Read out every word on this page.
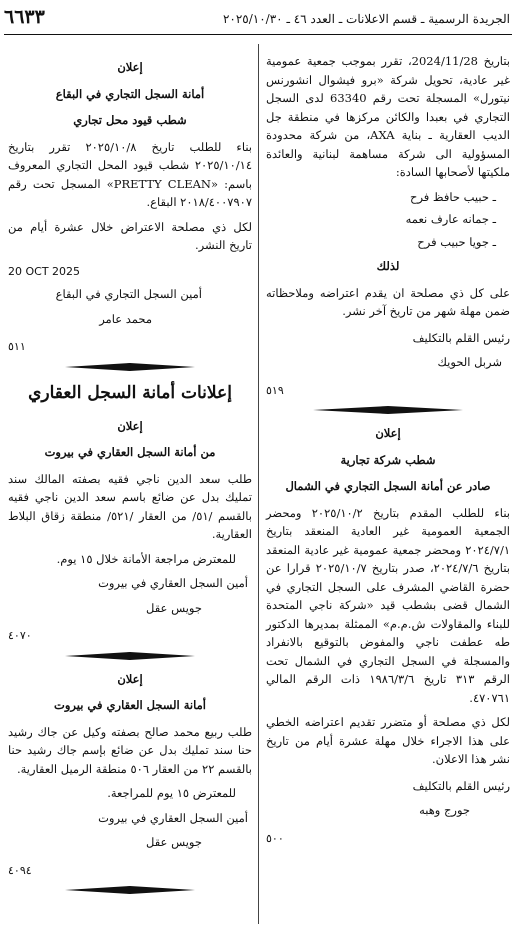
الجريدة الرسمية ـ قسم الاعلانات ـ العدد ٤٦ ـ ٢٠٢٥/١٠/٣٠
٦٦٣٣

بتاريخ 2024/11/28، تقرر بموجب جمعية عمومية غير عادية، تحويل شركة «برو فيشوال انشورنس نيتورل» المسجلة تحت رقم 63340 لدى السجل التجاري في بعبدا والكائن مركزها في منطقة جل الديب العقارية ـ بناية AXA، من شركة محدودة المسؤولية الى شركة مساهمة لبنانية والعائدة ملكيتها لأصحابها السادة:

ـ حبيب حافظ فرح
ـ جمانه عارف نعمه
ـ جويا حبيب فرح
لذلك

على كل ذي مصلحة ان يقدم اعتراضه وملاحظاته ضمن مهلة شهر من تاريخ آخر نشر.

رئيس القلم بالتكليف
شربل الحويك
٥١٩
إعلان
شطب شركة تجارية
صادر عن أمانة السجل التجاري في الشمال

بناء للطلب المقدم بتاريخ ٢٠٢٥/١٠/٢ ومحضر الجمعية العمومية غير العادية المنعقد بتاريخ ٢٠٢٤/٧/١ ومحضر جمعية عمومية غير عادية المنعقد بتاريخ ٢٠٢٤/٧/٦، صدر بتاريخ ٢٠٢٥/١٠/٧ قرارا عن حضرة القاضي المشرف على السجل التجاري في الشمال قضى بشطب قيد «شركة ناجي المتحدة للبناء والمقاولات ش.م.م» الممثلة بمديرها الدكتور طه عطفت ناجي والمفوض بالتوقيع بالانفراد والمسجلة في السجل التجاري في الشمال تحت الرقم ٣١٣ تاريخ ١٩٨٦/٣/٦ ذات الرقم المالي ٤٧٠٧٦١.

لكل ذي مصلحة أو متضرر تقديم اعتراضه الخطي على هذا الاجراء خلال مهلة عشرة أيام من تاريخ نشر هذا الاعلان.

رئيس القلم بالتكليف
جورج وهبه
٥٠٠
إعلان
أمانة السجل التجاري في البقاع
شطب قيود محل تجاري

بناء للطلب تاريخ ٢٠٢٥/١٠/٨ تقرر بتاريخ ٢٠٢٥/١٠/١٤ شطب قيود المحل التجاري المعروف باسم: «PRETTY CLEAN» المسجل تحت رقم ٢٠١٨/٤٠٠٧٩٠٧ البقاع.

لكل ذي مصلحة الاعتراض خلال عشرة أيام من تاريخ النشر.

20 OCT 2025
أمين السجل التجاري في البقاع
محمد عامر
٥١١
إعلانات أمانة السجل العقاري
إعلان
من أمانة السجل العقاري في بيروت

طلب سعد الدين ناجي فقيه بصفته المالك سند تمليك بدل عن ضائع باسم سعد الدين ناجي فقيه بالقسم /٥١/ من العقار /٥٢١/ منطقة زقاق البلاط العقارية.

للمعترض مراجعة الأمانة خلال ١٥ يوم.

أمين السجل العقاري في بيروت
جويس عقل
٤٠٧٠
إعلان
أمانة السجل العقاري في بيروت

طلب ربيع محمد صالح بصفته وكيل عن جاك رشيد حنا سند تمليك بدل عن ضائع بإسم جاك رشيد حنا بالقسم ٢٢ من العقار ٥٠٦ منطقة الرميل العقارية.

للمعترض ١٥ يوم للمراجعة.

أمين السجل العقاري في بيروت
جويس عقل
٤٠٩٤
